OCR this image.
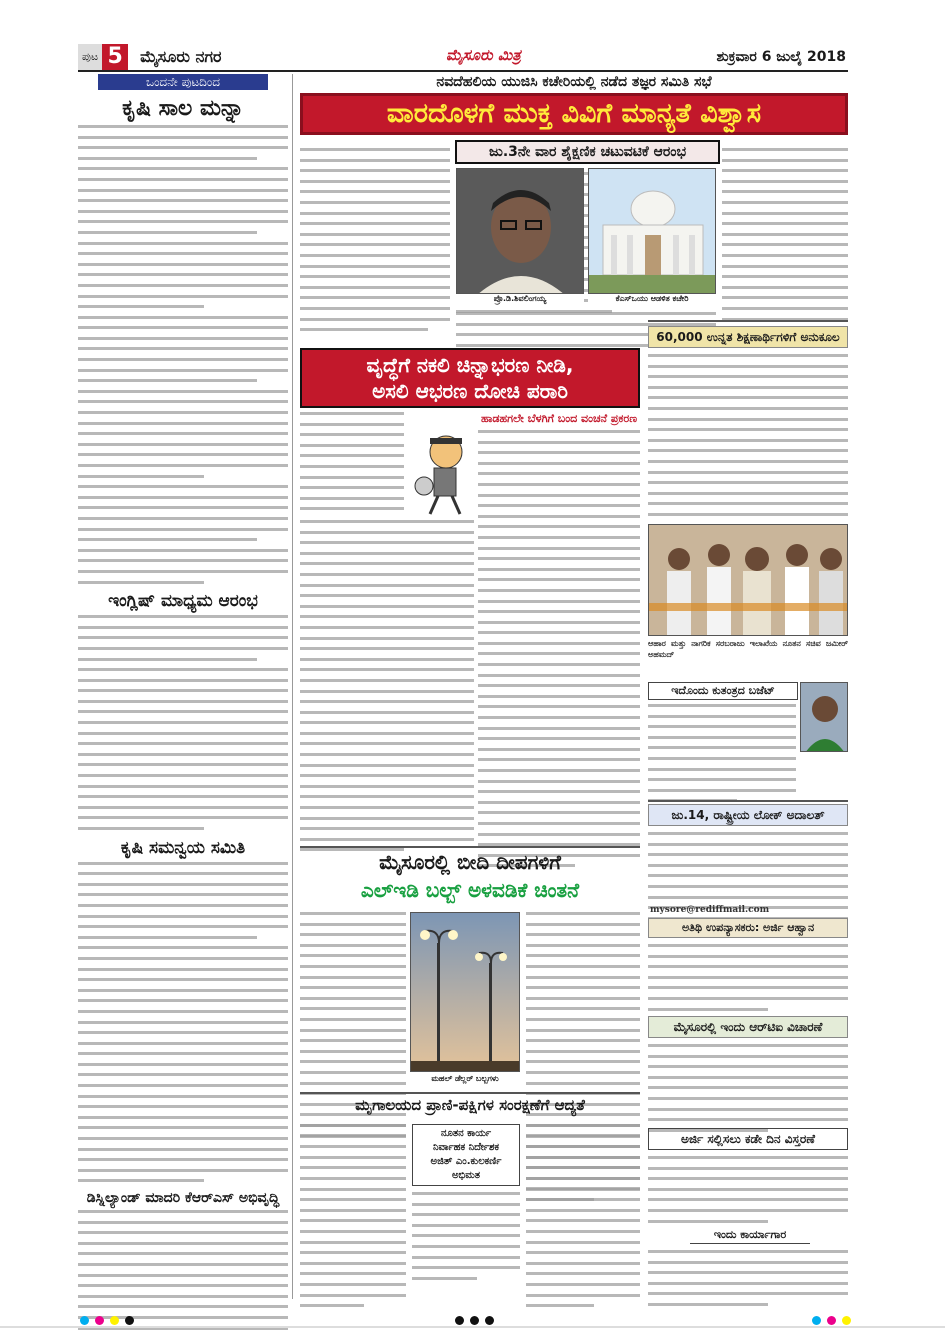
ಪುಟ 5	ಮೈಸೂರು ನಗರ	ಮೈಸೂರು ಮಿತ್ರ	ಶುಕ್ರವಾರ 6 ಜುಲೈ 2018
ಒಂದನೇ ಪುಟದಿಂದ
ಕೃಷಿ ಸಾಲ ಮನ್ನಾ
ಇಂಗ್ಲಿಷ್ ಮಾಧ್ಯಮ ಆರಂಭ
ಕೃಷಿ ಸಮನ್ವಯ ಸಮಿತಿ
ಡಿಸ್ನಿಲ್ಯಾಂಡ್ ಮಾದರಿ ಕೆಆರ್‌ಎಸ್ ಅಭಿವೃದ್ಧಿ
ನವದೆಹಲಿಯ ಯುಜಿಸಿ ಕಚೇರಿಯಲ್ಲಿ ನಡೆದ ತಜ್ಞರ ಸಮಿತಿ ಸಭೆ
ವಾರದೊಳಗೆ ಮುಕ್ತ ವಿವಿಗೆ ಮಾನ್ಯತೆ ವಿಶ್ವಾಸ
ಜು.3ನೇ ವಾರ ಶೈಕ್ಷಣಿಕ ಚಟುವಟಿಕೆ ಆರಂಭ
ಪ್ರೊ.ಡಿ.ಶಿವಲಿಂಗಯ್ಯ	ಕೆಎಸ್‌ಒಯು ಆಡಳಿತ ಕಚೇರಿ
ವೃದ್ಧೆಗೆ ನಕಲಿ ಚಿನ್ನಾಭರಣ ನೀಡಿ,
ಅಸಲಿ ಆಭರಣ ದೋಚಿ ಪರಾರಿ
ಹಾಡಹಗಲೇ ಬೆಳಗಿಗೆ ಬಂದ ವಂಚನೆ ಪ್ರಕರಣ
60,000 ಉನ್ನತ ಶಿಕ್ಷಣಾರ್ಥಿಗಳಿಗೆ ಅನುಕೂಲ
ಆಹಾರ ಮತ್ತು ನಾಗರಿಕ ಸರಬರಾಜು ಇಲಾಖೆಯ ನೂತನ ಸಚಿವ ಜಮೀರ್ ಅಹಮದ್
ಇದೊಂದು ಕುತಂತ್ರದ ಬಜೆಟ್
ಜು.14, ರಾಷ್ಟ್ರೀಯ ಲೋಕ್ ಅದಾಲತ್
mysore@rediffmail.com
ಅತಿಥಿ ಉಪನ್ಯಾಸಕರು: ಅರ್ಜಿ ಆಹ್ವಾನ
ಮೈಸೂರಲ್ಲಿ ಇಂದು ಆರ್‌ಟಿಐ ವಿಚಾರಣೆ
ಅರ್ಜಿ ಸಲ್ಲಿಸಲು ಕಡೇ ದಿನ ವಿಸ್ತರಣೆ
ಇಂದು ಕಾರ್ಯಾಗಾರ
ಮೈಸೂರಲ್ಲಿ ಬೀದಿ ದೀಪಗಳಿಗೆ
ಎಲ್‌ಇಡಿ ಬಲ್ಬ್ ಅಳವಡಿಕೆ ಚಿಂತನೆ
ಮಹಲ್ ಡೆಲ್ಲರ್ ಬಲ್ಬಗಳು
ಮೃಗಾಲಯದ ಪ್ರಾಣಿ-ಪಕ್ಷಿಗಳ ಸಂರಕ್ಷಣೆಗೆ ಆದ್ಯತೆ
ನೂತನ ಕಾರ್ಯ
ನಿರ್ವಾಹಕ ನಿರ್ದೇಶಕ
ಅಜಿತ್ ಎಂ.ಕುಲಕರ್ಣಿ
ಅಭಿಮತ
